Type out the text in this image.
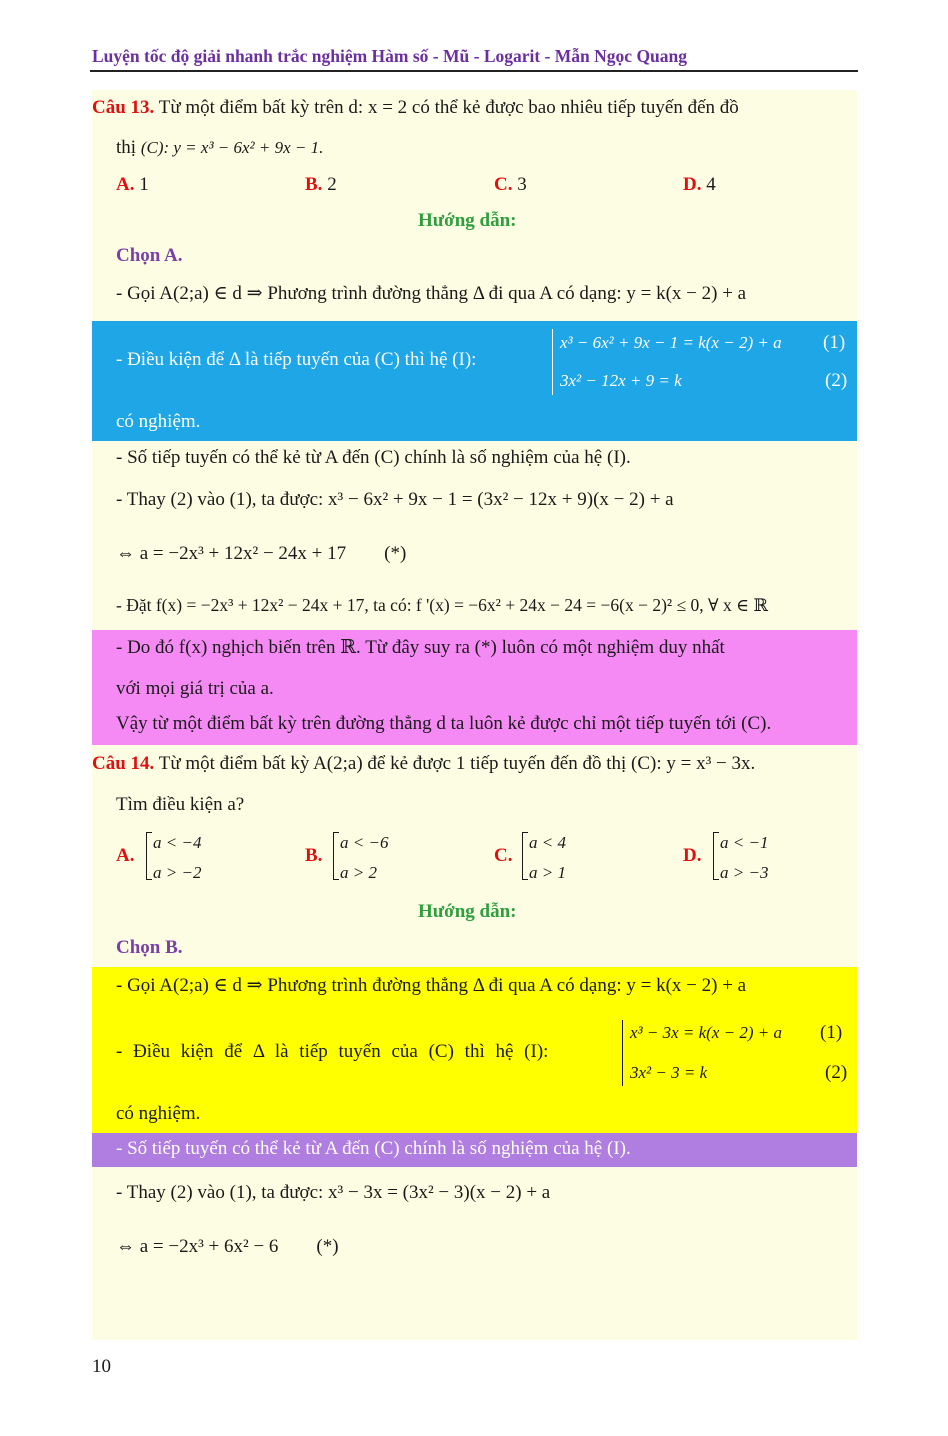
Luyện tốc độ giải nhanh trắc nghiệm Hàm số - Mũ - Logarit - Mẫn Ngọc Quang
Câu 13. Từ một điểm bất kỳ trên d: x = 2 có thể kẻ được bao nhiêu tiếp tuyến đến đồ
thị (C): y = x³ − 6x² + 9x − 1.
A. 1	B. 2	C. 3	D. 4
Hướng dẫn:
Chọn A.
- Gọi A(2;a) ∈ d ⇒ Phương trình đường thẳng Δ đi qua A có dạng: y = k(x − 2) + a
- Điều kiện để Δ là tiếp tuyến của (C) thì hệ (I):
x³ − 6x² + 9x − 1 = k(x − 2) + a (1)
3x² − 12x + 9 = k	(2)
có nghiệm.
- Số tiếp tuyến có thể kẻ từ A đến (C) chính là số nghiệm của hệ (I).
- Thay (2) vào (1), ta được: x³ − 6x² + 9x − 1 = (3x² − 12x + 9)(x − 2) + a
⇔ a = −2x³ + 12x² − 24x + 17        (*)
- Đặt f(x) = −2x³ + 12x² − 24x + 17, ta có: f '(x) = −6x² + 24x − 24 = −6(x − 2)² ≤ 0, ∀ x ∈ ℝ
- Do đó f(x) nghịch biến trên ℝ. Từ đây suy ra (*) luôn có một nghiệm duy nhất
với mọi giá trị của a.
Vậy từ một điểm bất kỳ trên đường thẳng d ta luôn kẻ được chỉ một tiếp tuyến tới (C).
Câu 14. Từ một điểm bất kỳ A(2;a) để kẻ được 1 tiếp tuyến đến đồ thị (C): y = x³ − 3x.
Tìm điều kiện a?
A.
a < −4
a > −2
B.
a < −6
a > 2
C.
a < 4
a > 1
D.
a < −1
a > −3
Hướng dẫn:
Chọn B.
- Gọi A(2;a) ∈ d ⇒ Phương trình đường thẳng Δ đi qua A có dạng: y = k(x − 2) + a
- Điều kiện để Δ là tiếp tuyến của (C) thì hệ (I):
x³ − 3x = k(x − 2) + a (1)
3x² − 3 = k	(2)
có nghiệm.
- Số tiếp tuyến có thể kẻ từ A đến (C) chính là số nghiệm của hệ (I).
- Thay (2) vào (1), ta được: x³ − 3x = (3x² − 3)(x − 2) + a
⇔ a = −2x³ + 6x² − 6        (*)
10
